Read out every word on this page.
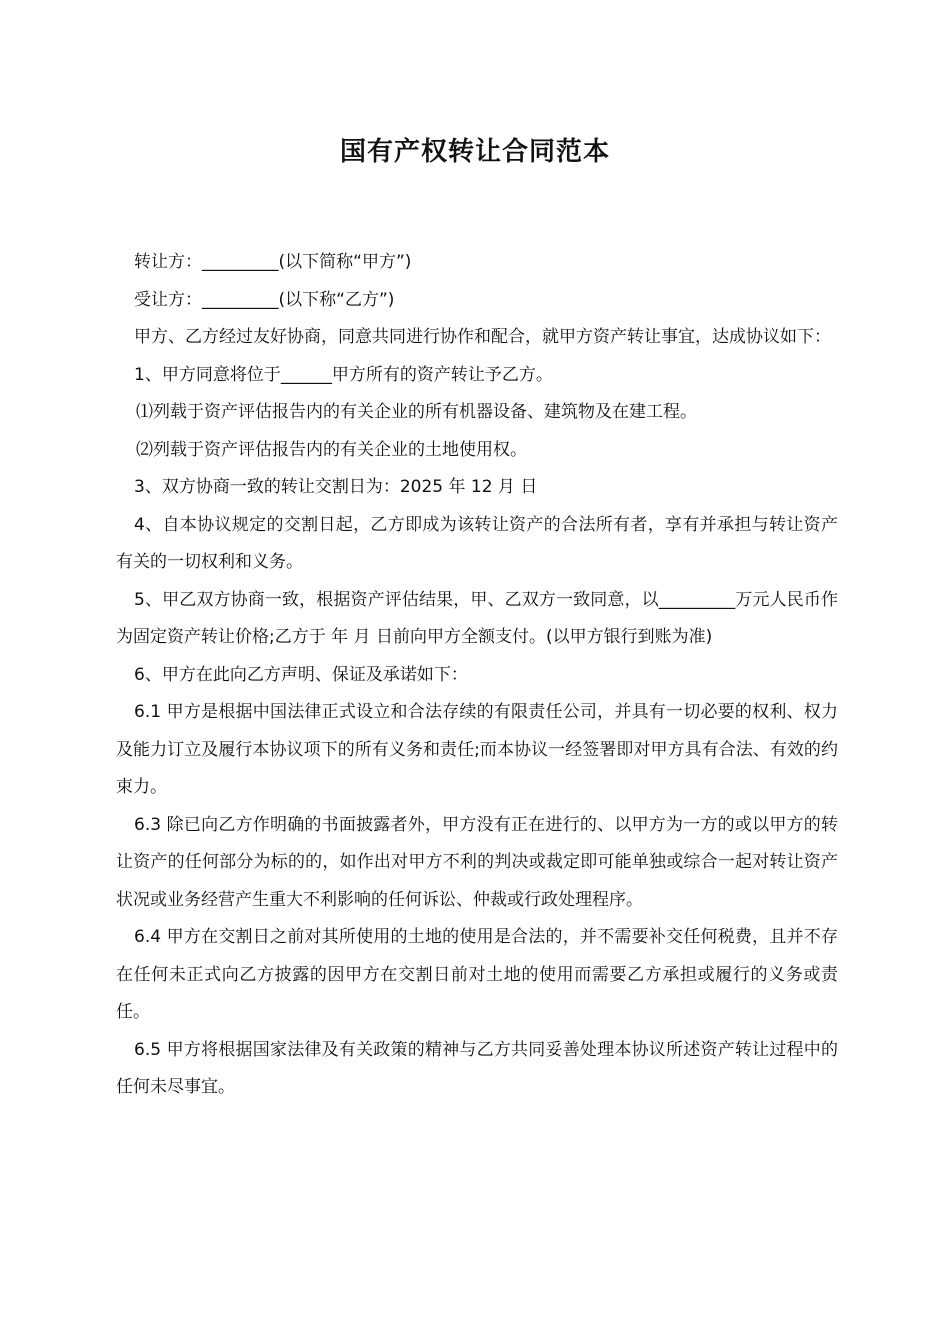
国有产权转让合同范本

转让方：_________(以下简称“甲方”)

受让方：_________(以下称“乙方”)

甲方、乙方经过友好协商，同意共同进行协作和配合，就甲方资产转让事宜，达成协议如下：

1、甲方同意将位于______甲方所有的资产转让予乙方。

⑴列载于资产评估报告内的有关企业的所有机器设备、建筑物及在建工程。

⑵列载于资产评估报告内的有关企业的土地使用权。

3、双方协商一致的转让交割日为：2025 年 12 月 日

4、自本协议规定的交割日起，乙方即成为该转让资产的合法所有者，享有并承担与转让资产有关的一切权利和义务。

5、甲乙双方协商一致，根据资产评估结果，甲、乙双方一致同意，以_________万元人民币作为固定资产转让价格;乙方于 年 月 日前向甲方全额支付。(以甲方银行到账为准)

6、甲方在此向乙方声明、保证及承诺如下：

6.1 甲方是根据中国法律正式设立和合法存续的有限责任公司，并具有一切必要的权利、权力及能力订立及履行本协议项下的所有义务和责任;而本协议一经签署即对甲方具有合法、有效的约束力。

6.3 除已向乙方作明确的书面披露者外，甲方没有正在进行的、以甲方为一方的或以甲方的转让资产的任何部分为标的的，如作出对甲方不利的判决或裁定即可能单独或综合一起对转让资产状况或业务经营产生重大不利影响的任何诉讼、仲裁或行政处理程序。

6.4 甲方在交割日之前对其所使用的土地的使用是合法的，并不需要补交任何税费，且并不存在任何未正式向乙方披露的因甲方在交割日前对土地的使用而需要乙方承担或履行的义务或责任。

6.5 甲方将根据国家法律及有关政策的精神与乙方共同妥善处理本协议所述资产转让过程中的任何未尽事宜。
